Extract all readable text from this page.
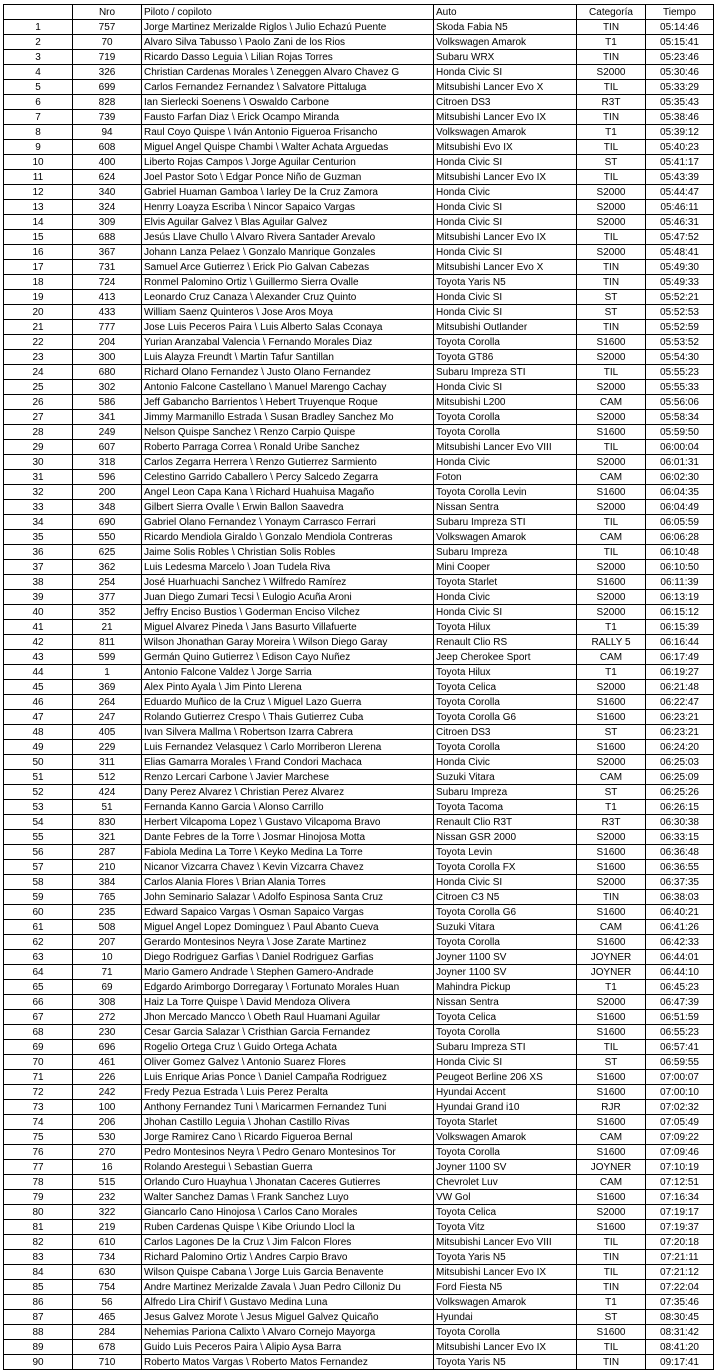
	Nro	Piloto / copiloto	Auto	Categoría	Tiempo
1	757	Jorge Martinez Merizalde Riglos \ Julio Echazú Puente	Skoda Fabia N5	TIN	05:14:46
2	70	Alvaro Silva Tabusso \ Paolo Zani de los Rios	Volkswagen Amarok	T1	05:15:41
3	719	Ricardo Dasso Leguia \ Lilian Rojas Torres	Subaru WRX	TIN	05:23:46
4	326	Christian Cardenas Morales \ Zeneggen Alvaro Chavez G	Honda Civic SI	S2000	05:30:46
5	699	Carlos Fernandez Fernandez \ Salvatore Pittaluga	Mitsubishi Lancer Evo X	TIL	05:33:29
6	828	Ian Sierlecki Soenens \ Oswaldo Carbone	Citroen DS3	R3T	05:35:43
7	739	Fausto Farfan Diaz \ Erick Ocampo Miranda	Mitsubishi Lancer Evo IX	TIN	05:38:46
8	94	Raul Coyo Quispe \ Iván Antonio Figueroa Frisancho	Volkswagen Amarok	T1	05:39:12
9	608	Miguel Angel Quispe Chambi \ Walter Achata Arguedas	Mitsubishi Evo IX	TIL	05:40:23
10	400	Liberto Rojas Campos \ Jorge Aguilar Centurion	Honda Civic SI	ST	05:41:17
11	624	Joel Pastor Soto \ Edgar Ponce Niño de Guzman	Mitsubishi Lancer Evo IX	TIL	05:43:39
12	340	Gabriel Huaman Gamboa \ Iarley De la Cruz Zamora	Honda Civic	S2000	05:44:47
13	324	Henrry Loayza Escriba \ Nincor Sapaico Vargas	Honda Civic SI	S2000	05:46:11
14	309	Elvis Aguilar Galvez \ Blas Aguilar Galvez	Honda Civic SI	S2000	05:46:31
15	688	Jesús Llave Chullo \ Alvaro Rivera Santader Arevalo	Mitsubishi Lancer Evo IX	TIL	05:47:52
16	367	Johann Lanza Pelaez \ Gonzalo Manrique Gonzales	Honda Civic SI	S2000	05:48:41
17	731	Samuel Arce Gutierrez \ Erick Pio Galvan Cabezas	Mitsubishi Lancer Evo X	TIN	05:49:30
18	724	Ronmel Palomino Ortiz \ Guillermo Sierra Ovalle	Toyota Yaris N5	TIN	05:49:33
19	413	Leonardo Cruz Canaza \ Alexander Cruz Quinto	Honda Civic SI	ST	05:52:21
20	433	William Saenz Quinteros \ Jose Aros Moya	Honda Civic SI	ST	05:52:53
21	777	Jose Luis Peceros Paira \ Luis Alberto Salas Cconaya	Mitsubishi Outlander	TIN	05:52:59
22	204	Yurian Aranzabal Valencia \ Fernando Morales Diaz	Toyota Corolla	S1600	05:53:52
23	300	Luis Alayza Freundt \ Martin Tafur Santillan	Toyota GT86	S2000	05:54:30
24	680	Richard Olano Fernandez \ Justo Olano Fernandez	Subaru Impreza STI	TIL	05:55:23
25	302	Antonio Falcone Castellano \ Manuel Marengo Cachay	Honda Civic SI	S2000	05:55:33
26	586	Jeff Gabancho Barrientos \ Hebert Truyenque Roque	Mitsubishi L200	CAM	05:56:06
27	341	Jimmy Marmanillo Estrada \ Susan Bradley Sanchez Mo	Toyota Corolla	S2000	05:58:34
28	249	Nelson Quispe Sanchez \ Renzo Carpio Quispe	Toyota Corolla	S1600	05:59:50
29	607	Roberto Parraga Correa \ Ronald Uribe Sanchez	Mitsubishi Lancer Evo VIII	TIL	06:00:04
30	318	Carlos Zegarra Herrera \ Renzo Gutierrez Sarmiento	Honda Civic	S2000	06:01:31
31	596	Celestino Garrido Caballero \ Percy Salcedo Zegarra	Foton	CAM	06:02:30
32	200	Angel Leon Capa Kana \ Richard Huahuisa Magaño	Toyota Corolla Levin	S1600	06:04:35
33	348	Gilbert Sierra Ovalle \ Erwin Ballon Saavedra	Nissan Sentra	S2000	06:04:49
34	690	Gabriel Olano Fernandez \ Yonaym Carrasco Ferrari	Subaru Impreza STI	TIL	06:05:59
35	550	Ricardo Mendiola Giraldo \ Gonzalo Mendiola Contreras	Volkswagen Amarok	CAM	06:06:28
36	625	Jaime Solis Robles \ Christian Solis Robles	Subaru Impreza	TIL	06:10:48
37	362	Luis Ledesma Marcelo \ Joan Tudela Riva	Mini Cooper	S2000	06:10:50
38	254	José Huarhuachi Sanchez \ Wilfredo Ramírez	Toyota Starlet	S1600	06:11:39
39	377	Juan Diego Zumari Tecsi \ Eulogio Acuña Aroni	Honda Civic	S2000	06:13:19
40	352	Jeffry Enciso Bustios \ Goderman Enciso Vilchez	Honda Civic SI	S2000	06:15:12
41	21	Miguel Alvarez Pineda \ Jans Basurto Villafuerte	Toyota Hilux	T1	06:15:39
42	811	Wilson Jhonathan Garay Moreira \ Wilson Diego Garay	Renault Clio RS	RALLY 5	06:16:44
43	599	Germán Quino Gutierrez \ Edison Cayo Nuñez	Jeep Cherokee Sport	CAM	06:17:49
44	1	Antonio Falcone Valdez \ Jorge Sarria	Toyota Hilux	T1	06:19:27
45	369	Alex Pinto Ayala \ Jim Pinto Llerena	Toyota Celica	S2000	06:21:48
46	264	Eduardo Muñico de la Cruz \ Miguel Lazo Guerra	Toyota Corolla	S1600	06:22:47
47	247	Rolando Gutierrez Crespo \ Thais Gutierrez Cuba	Toyota Corolla G6	S1600	06:23:21
48	405	Ivan Silvera Mallma \ Robertson Izarra Cabrera	Citroen DS3	ST	06:23:21
49	229	Luis Fernandez Velasquez \ Carlo Morriberon Llerena	Toyota Corolla	S1600	06:24:20
50	311	Elias Gamarra Morales \ Frand Condori Machaca	Honda Civic	S2000	06:25:03
51	512	Renzo Lercari Carbone \ Javier Marchese	Suzuki Vitara	CAM	06:25:09
52	424	Dany Perez Alvarez \ Christian Perez Alvarez	Subaru Impreza	ST	06:25:26
53	51	Fernanda Kanno Garcia \ Alonso Carrillo	Toyota Tacoma	T1	06:26:15
54	830	Herbert Vilcapoma Lopez \ Gustavo Vilcapoma Bravo	Renault Clio R3T	R3T	06:30:38
55	321	Dante Febres de la Torre \ Josmar Hinojosa Motta	Nissan GSR 2000	S2000	06:33:15
56	287	Fabiola Medina La Torre \ Keyko Medina La Torre	Toyota Levin	S1600	06:36:48
57	210	Nicanor Vizcarra Chavez \ Kevin Vizcarra Chavez	Toyota Corolla FX	S1600	06:36:55
58	384	Carlos Alania Flores \ Brian Alania Torres	Honda Civic SI	S2000	06:37:35
59	765	John Seminario Salazar \ Adolfo Espinosa Santa Cruz	Citroen C3 N5	TIN	06:38:03
60	235	Edward Sapaico Vargas \ Osman Sapaico Vargas	Toyota Corolla G6	S1600	06:40:21
61	508	Miguel Angel Lopez Dominguez \ Paul Abanto Cueva	Suzuki Vitara	CAM	06:41:26
62	207	Gerardo Montesinos Neyra \ Jose Zarate Martinez	Toyota Corolla	S1600	06:42:33
63	10	Diego Rodriguez Garfias \ Daniel Rodriguez Garfias	Joyner 1100 SV	JOYNER	06:44:01
64	71	Mario Gamero Andrade \ Stephen Gamero-Andrade	Joyner 1100 SV	JOYNER	06:44:10
65	69	Edgardo Arimborgo Dorregaray \ Fortunato Morales Huan	Mahindra Pickup	T1	06:45:23
66	308	Haiz La Torre Quispe \ David Mendoza Olivera	Nissan Sentra	S2000	06:47:39
67	272	Jhon Mercado Mancco \ Obeth Raul Huamani Aguilar	Toyota Celica	S1600	06:51:59
68	230	Cesar Garcia Salazar \ Cristhian Garcia Fernandez	Toyota Corolla	S1600	06:55:23
69	696	Rogelio Ortega Cruz \ Guido Ortega Achata	Subaru Impreza STI	TIL	06:57:41
70	461	Oliver Gomez Galvez \ Antonio Suarez Flores	Honda Civic SI	ST	06:59:55
71	226	Luis Enrique Arias Ponce \ Daniel Campaña Rodriguez	Peugeot Berline 206 XS	S1600	07:00:07
72	242	Fredy Pezua Estrada \ Luis Perez Peralta	Hyundai Accent	S1600	07:00:10
73	100	Anthony Fernandez Tuni \ Maricarmen Fernandez Tuni	Hyundai Grand i10	RJR	07:02:32
74	206	Jhohan Castillo Leguia \ Jhohan Castillo Rivas	Toyota Starlet	S1600	07:05:49
75	530	Jorge Ramirez Cano \ Ricardo Figueroa Bernal	Volkswagen Amarok	CAM	07:09:22
76	270	Pedro Montesinos Neyra \ Pedro Genaro Montesinos Tor	Toyota Corolla	S1600	07:09:46
77	16	Rolando Arestegui \ Sebastian Guerra	Joyner 1100 SV	JOYNER	07:10:19
78	515	Orlando Curo Huayhua \ Jhonatan Caceres Gutierres	Chevrolet Luv	CAM	07:12:51
79	232	Walter Sanchez Damas \ Frank Sanchez Luyo	VW Gol	S1600	07:16:34
80	322	Giancarlo Cano Hinojosa \ Carlos Cano Morales	Toyota Celica	S2000	07:19:17
81	219	Ruben Cardenas Quispe \ Kibe Oriundo Llocl la	Toyota Vitz	S1600	07:19:37
82	610	Carlos Lagones De la Cruz \ Jim Falcon Flores	Mitsubishi Lancer Evo VIII	TIL	07:20:18
83	734	Richard Palomino Ortiz \ Andres Carpio Bravo	Toyota Yaris N5	TIN	07:21:11
84	630	Wilson Quispe Cabana \ Jorge Luis Garcia Benavente	Mitsubishi Lancer Evo IX	TIL	07:21:12
85	754	Andre Martinez Merizalde Zavala \ Juan Pedro Cilloniz Du	Ford Fiesta N5	TIN	07:22:04
86	56	Alfredo Lira Chirif \ Gustavo Medina Luna	Volkswagen Amarok	T1	07:35:46
87	465	Jesus Galvez Morote \ Jesus Miguel Galvez Quicaño	Hyundai	ST	08:30:45
88	284	Nehemias Pariona Calixto \ Alvaro Cornejo Mayorga	Toyota Corolla	S1600	08:31:42
89	678	Guido Luis Peceros Paira \ Alipio Aysa Barra	Mitsubishi Lancer Evo IX	TIL	08:41:20
90	710	Roberto Matos Vargas \ Roberto Matos Fernandez	Toyota Yaris N5	TIN	09:17:41
